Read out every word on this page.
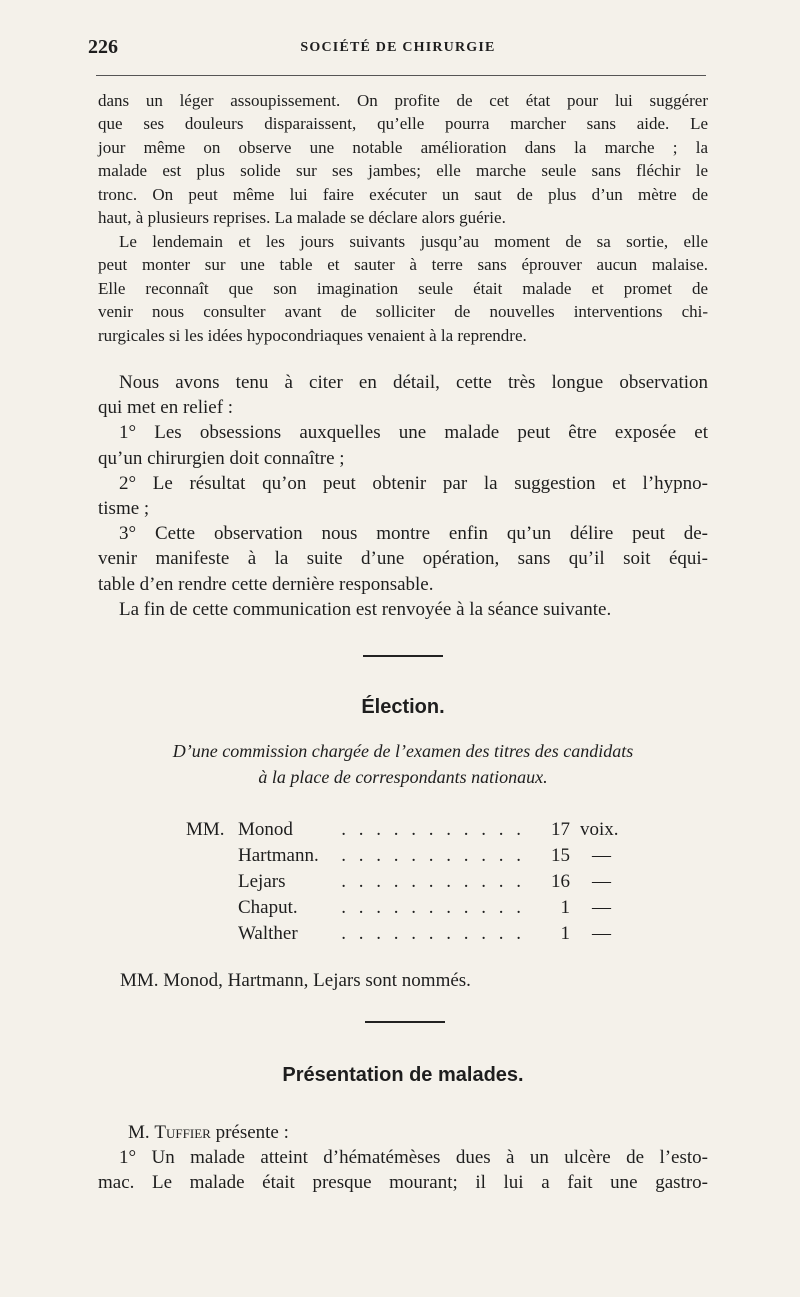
226	SOCIÉTÉ DE CHIRURGIE
dans un léger assoupissement. On profite de cet état pour lui suggérer
que ses douleurs disparaissent, qu’elle pourra marcher sans aide. Le
jour même on observe une notable amélioration dans la marche ; la
malade est plus solide sur ses jambes; elle marche seule sans fléchir le
tronc. On peut même lui faire exécuter un saut de plus d’un mètre de
haut, à plusieurs reprises. La malade se déclare alors guérie.
Le lendemain et les jours suivants jusqu’au moment de sa sortie, elle
peut monter sur une table et sauter à terre sans éprouver aucun malaise.
Elle reconnaît que son imagination seule était malade et promet de
venir nous consulter avant de solliciter de nouvelles interventions chi-
rurgicales si les idées hypocondriaques venaient à la reprendre.
Nous avons tenu à citer en détail, cette très longue observation
qui met en relief :
1° Les obsessions auxquelles une malade peut être exposée et
qu’un chirurgien doit connaître ;
2° Le résultat qu’on peut obtenir par la suggestion et l’hypno-
tisme ;
3° Cette observation nous montre enfin qu’un délire peut de-
venir manifeste à la suite d’une opération, sans qu’il soit équi-
table d’en rendre cette dernière responsable.
La fin de cette communication est renvoyée à la séance suivante.
Élection.
D’une commission chargée de l’examen des titres des candidats
à la place de correspondants nationaux.
MM. Monod	. . . . . . . . . . .	17 voix.
Hartmann. . . . . . . . . . . .	15 —
Lejars	. . . . . . . . . . .	16 —
Chaput.	. . . . . . . . . . .	1 —
Walther	. . . . . . . . . . .	1 —
MM. Monod, Hartmann, Lejars sont nommés.
Présentation de malades.
M. Tuffier présente :
1° Un malade atteint d’hématémèses dues à un ulcère de l’esto-
mac. Le malade était presque mourant; il lui a fait une gastro-
